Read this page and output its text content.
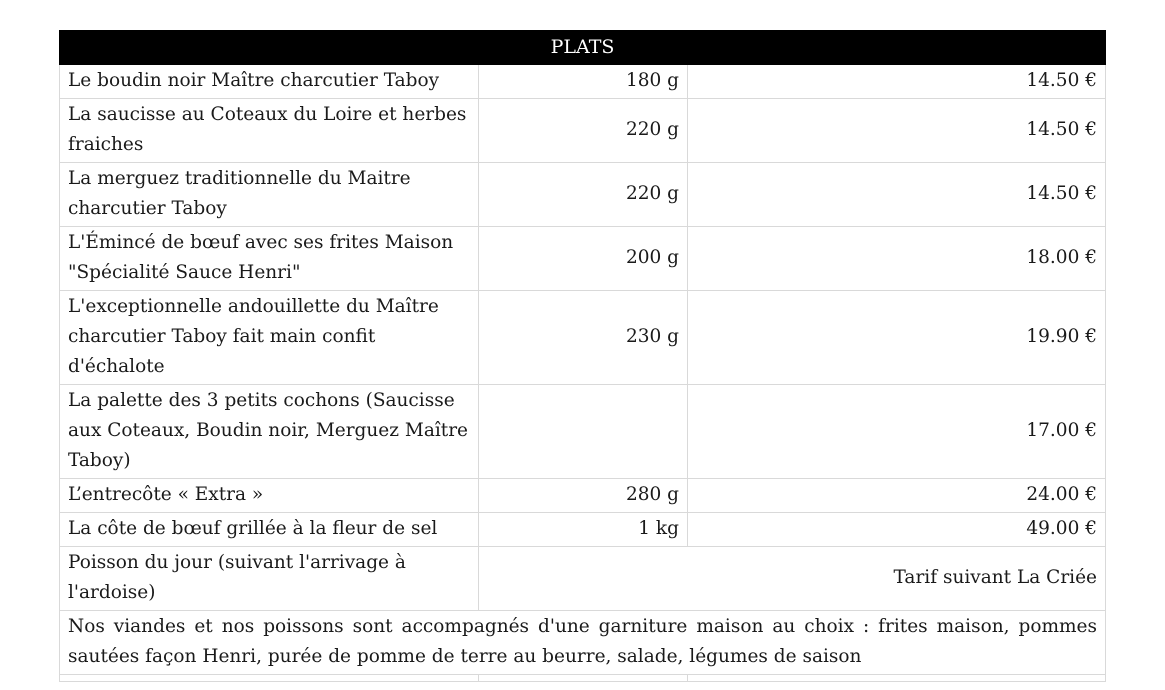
PLATS		
Le boudin noir Maître charcutier Taboy	180 g	14.50 €
La saucisse au Coteaux du Loire et herbes fraiches	220 g	14.50 €
La merguez traditionnelle du Maitre charcutier Taboy	220 g	14.50 €
L'Émincé de bœuf avec ses frites Maison "Spécialité Sauce Henri"	200 g	18.00 €
L'exceptionnelle andouillette du Maître charcutier Taboy fait main confit d'échalote	230 g	19.90 €
La palette des 3 petits cochons (Saucisse aux Coteaux, Boudin noir, Merguez Maître Taboy)		17.00 €
L’entrecôte « Extra »	280 g	24.00 €
La côte de bœuf grillée à la fleur de sel	1 kg	49.00 €
Poisson du jour (suivant l'arrivage à l'ardoise)	Tarif suivant La Criée	
Nos viandes et nos poissons sont accompagnés d'une garniture maison au choix : frites maison, pommes sautées façon Henri, purée de pomme de terre au beurre, salade, légumes de saison		
